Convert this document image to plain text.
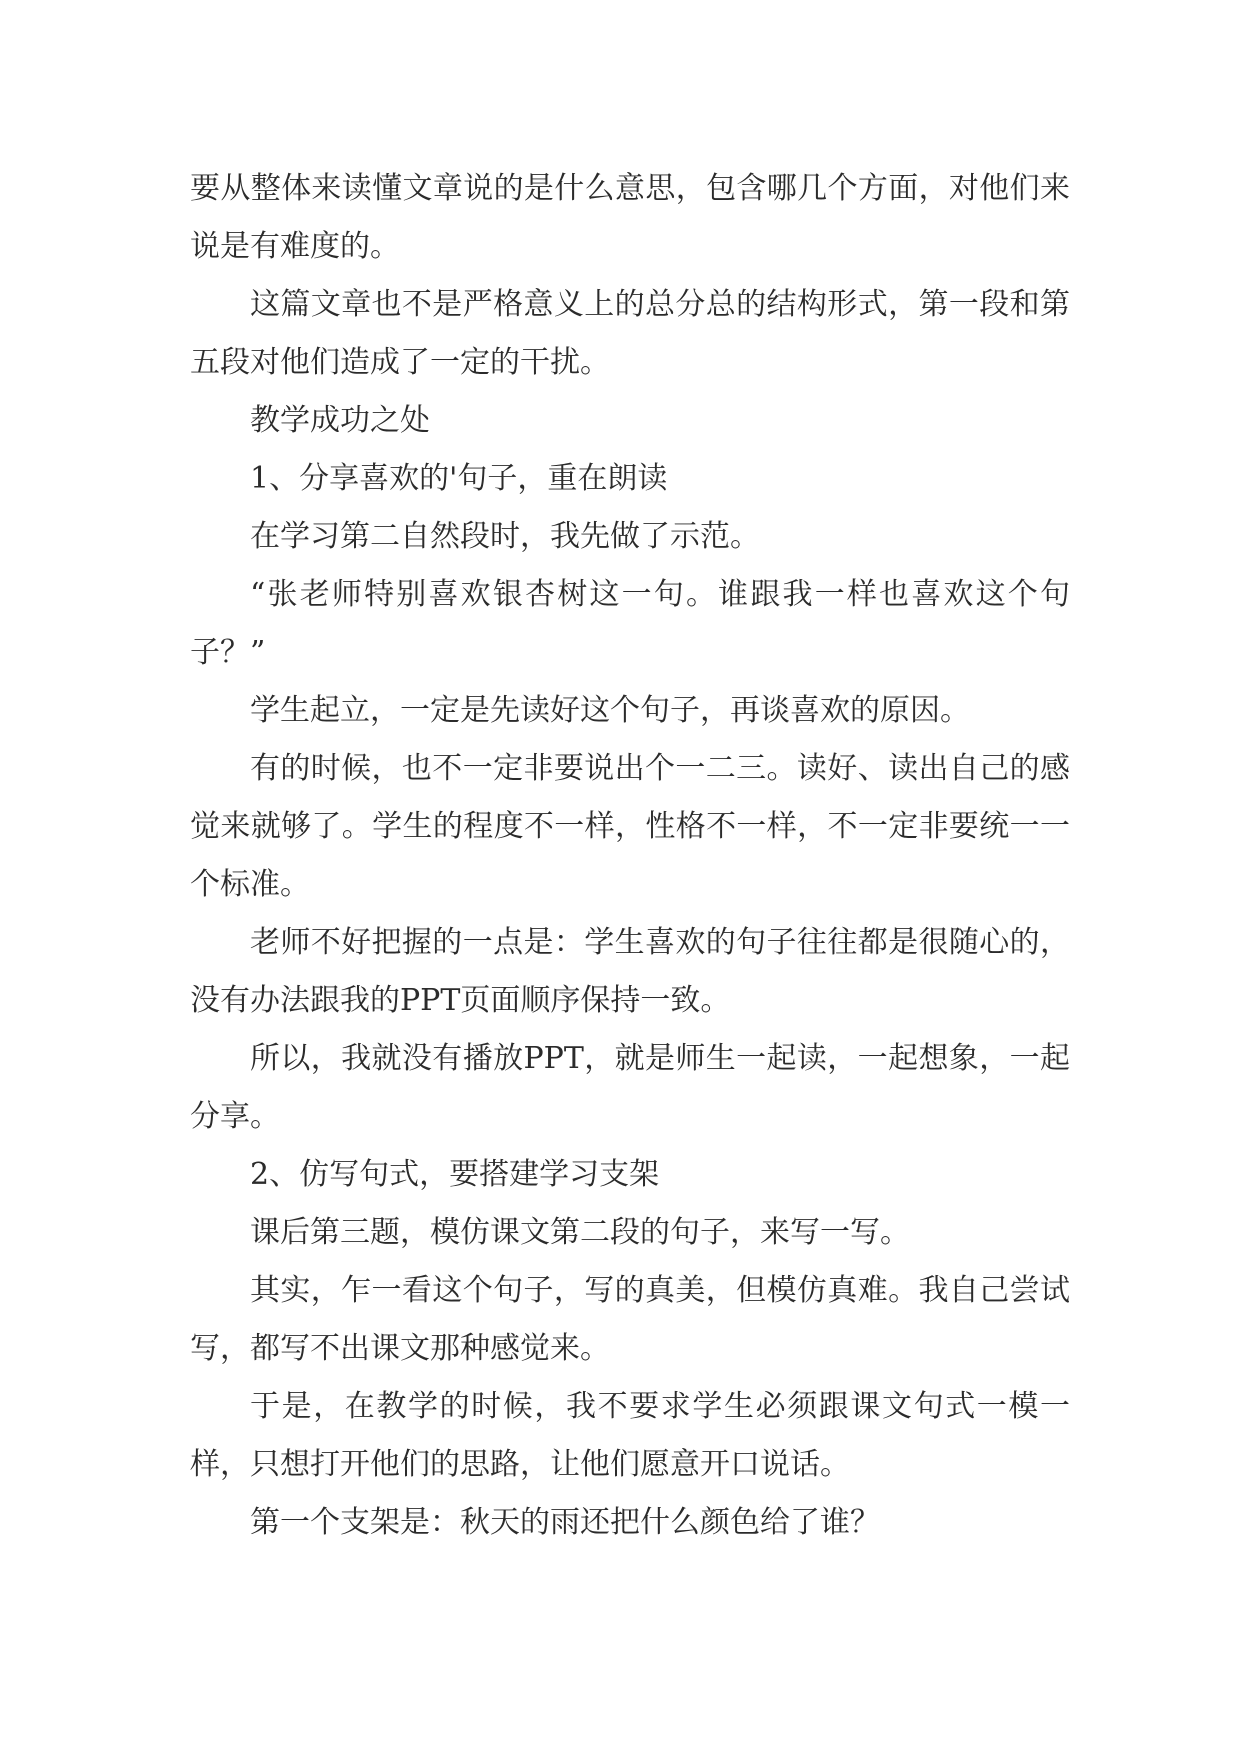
要从整体来读懂文章说的是什么意思，包含哪几个方面，对他们来说是有难度的。

这篇文章也不是严格意义上的总分总的结构形式，第一段和第五段对他们造成了一定的干扰。

教学成功之处

1、分享喜欢的'句子，重在朗读

在学习第二自然段时，我先做了示范。

“张老师特别喜欢银杏树这一句。谁跟我一样也喜欢这个句子？”

学生起立，一定是先读好这个句子，再谈喜欢的原因。

有的时候，也不一定非要说出个一二三。读好、读出自己的感觉来就够了。学生的程度不一样，性格不一样，不一定非要统一一个标准。

老师不好把握的一点是：学生喜欢的句子往往都是很随心的，没有办法跟我的PPT页面顺序保持一致。

所以，我就没有播放PPT，就是师生一起读，一起想象，一起分享。

2、仿写句式，要搭建学习支架

课后第三题，模仿课文第二段的句子，来写一写。

其实，乍一看这个句子，写的真美，但模仿真难。我自己尝试写，都写不出课文那种感觉来。

于是，在教学的时候，我不要求学生必须跟课文句式一模一样，只想打开他们的思路，让他们愿意开口说话。

第一个支架是：秋天的雨还把什么颜色给了谁？
